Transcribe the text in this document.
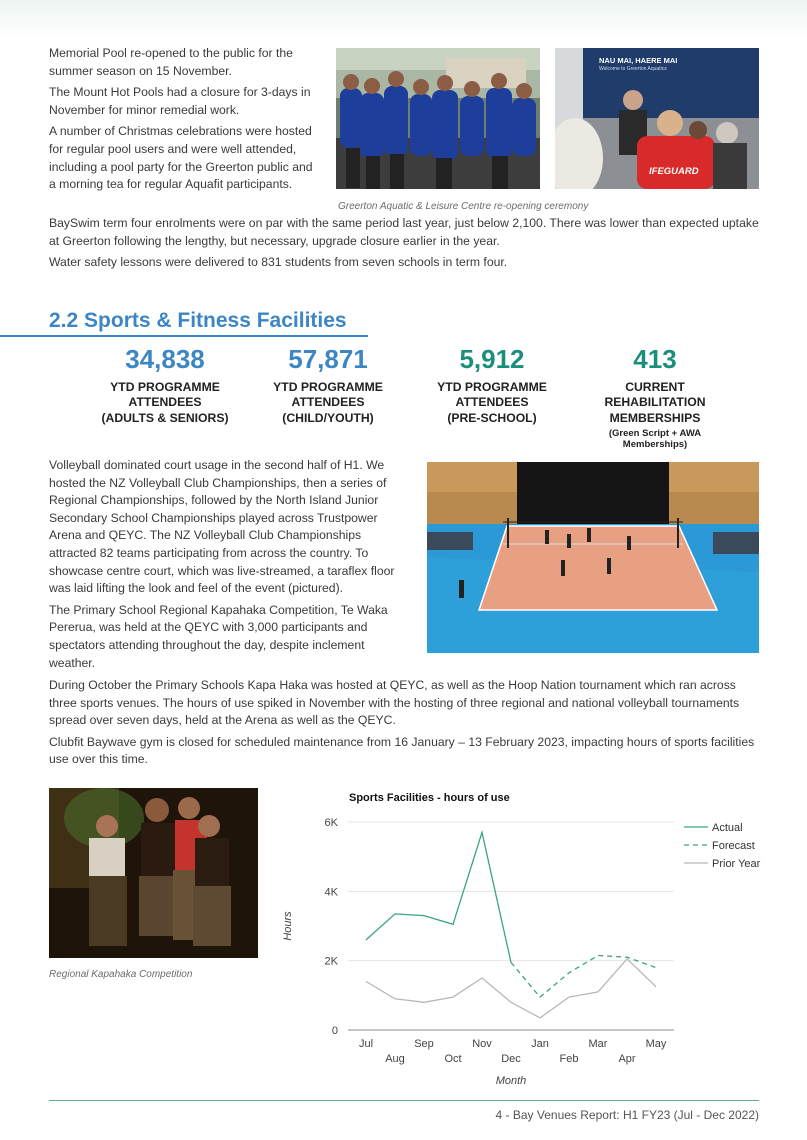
Memorial Pool re-opened to the public for the summer season on 15 November.

The Mount Hot Pools had a closure for 3-days in November for minor remedial work.

A number of Christmas celebrations were hosted for regular pool users and were well attended, including a pool party for the Greerton public and a morning tea for regular Aquafit participants.

BaySwim term four enrolments were on par with the same period last year, just below 2,100. There was lower than expected uptake at Greerton following the lengthy, but necessary, upgrade closure earlier in the year.

Water safety lessons were delivered to 831 students from seven schools in term four.

NAU MAI, HAERE MAI
Welcome to Greerton Aquatics
IFEGUARD
Greerton Aquatic & Leisure Centre re-opening ceremony
2.2 Sports & Fitness Facilities
34,838
YTD PROGRAMME
ATTENDEES
(ADULTS & SENIORS)
57,871
YTD PROGRAMME
ATTENDEES
(CHILD/YOUTH)
5,912
YTD PROGRAMME
ATTENDEES
(PRE-SCHOOL)
413
CURRENT
REHABILITATION
MEMBERSHIPS
(Green Script + AWA
Memberships)

Volleyball dominated court usage in the second half of H1. We hosted the NZ Volleyball Club Championships, then a series of Regional Championships, followed by the North Island Junior Secondary School Championships played across Trustpower Arena and QEYC. The NZ Volleyball Club Championships attracted 82 teams participating from across the country. To showcase centre court, which was live-streamed, a taraflex floor was laid lifting the look and feel of the event (pictured).

The Primary School Regional Kapahaka Competition, Te Waka Pererua, was held at the QEYC with 3,000 participants and spectators attending throughout the day, despite inclement weather.

During October the Primary Schools Kapa Haka was hosted at QEYC, as well as the Hoop Nation tournament which ran across three sports venues. The hours of use spiked in November with the hosting of three regional and national volleyball tournaments spread over seven days, held at the Arena as well as the QEYC.

Clubfit Baywave gym is closed for scheduled maintenance from 16 January – 13 February 2023, impacting hours of sports facilities use over this time.

Regional Kapahaka Competition
Sports Facilities - hours of use
0
2K
4K
6K
Jul
Aug
Sep
Oct
Nov
Dec
Jan
Feb
Mar
Apr
May
Month
Hours
Actual
Forecast
Prior Year
4 - Bay Venues Report: H1 FY23 (Jul - Dec 2022)
